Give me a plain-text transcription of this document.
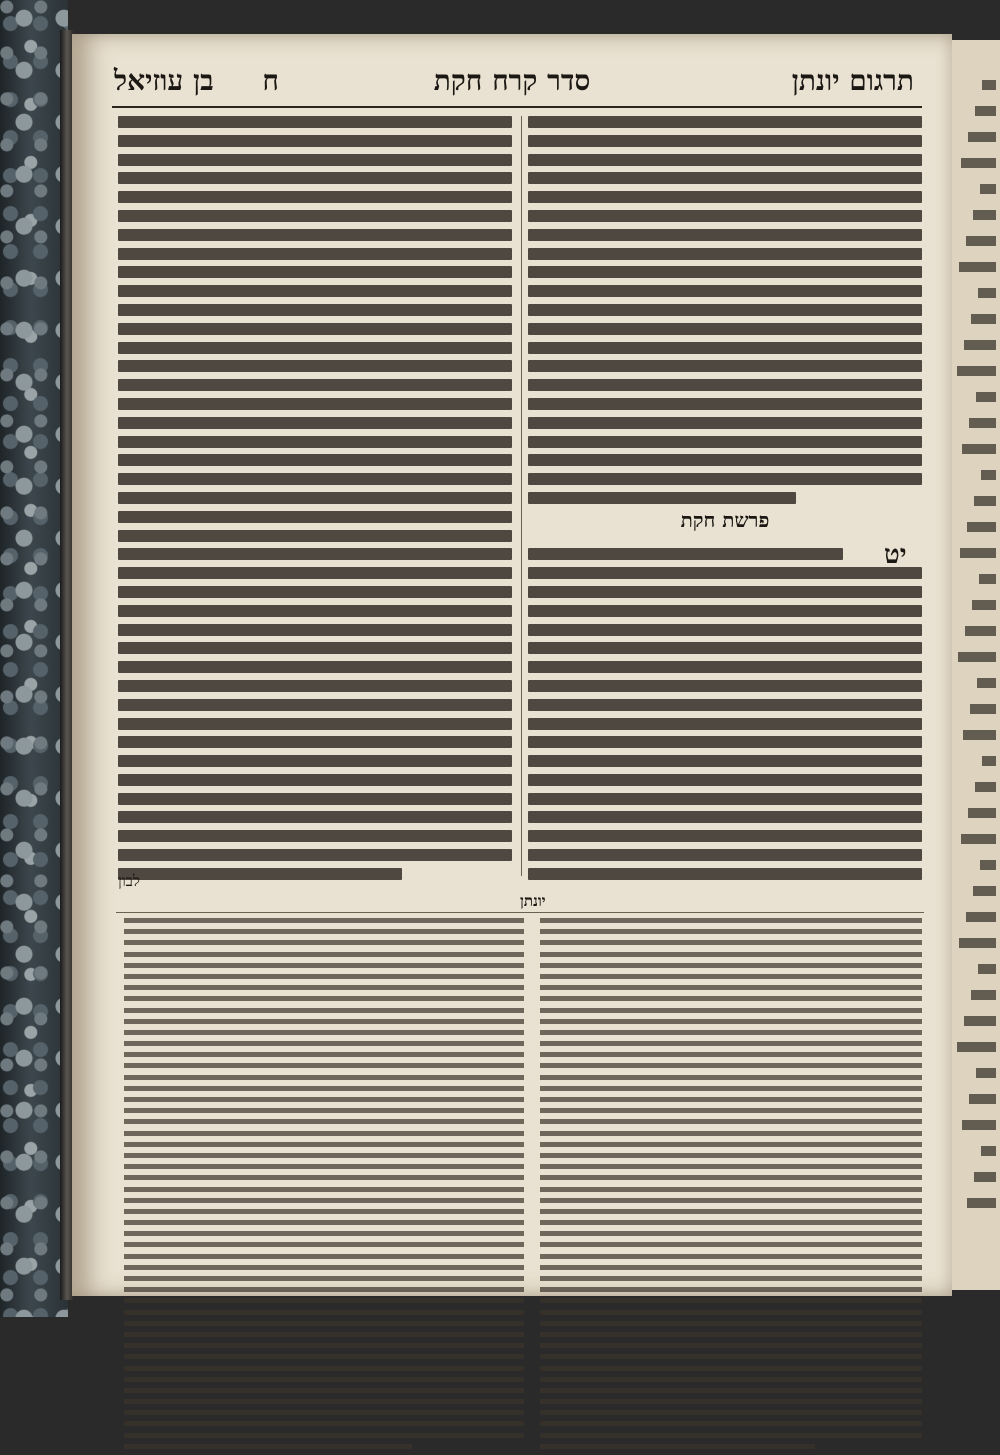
תרגום יונתן
סדר קרח חקת
ח     בן עוזיאל
פרשת חקת
יט
לבון
יונתן
